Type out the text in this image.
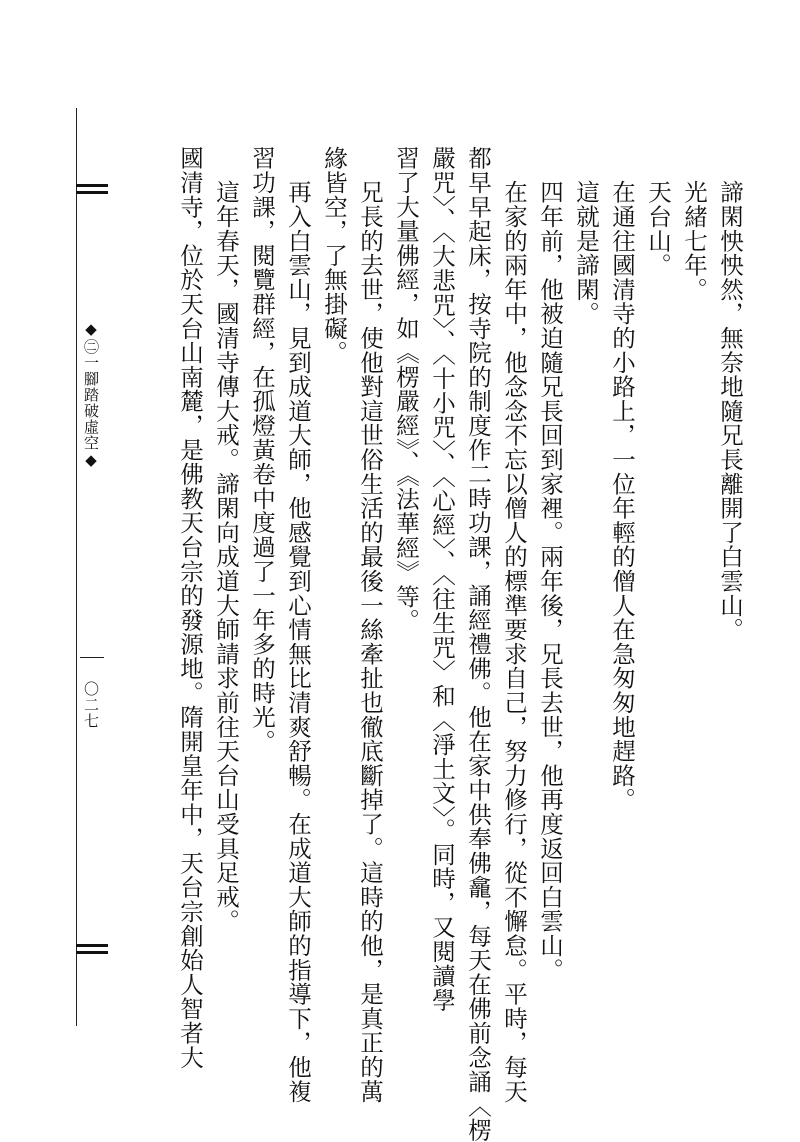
◆㊁一腳踏破虛空◆
〇二七
諦閑怏怏然，無奈地隨兄長離開了白雲山。
光緒七年。
天台山。
在通往國清寺的小路上，一位年輕的僧人在急匆匆地趕路。
這就是諦閑。
四年前，他被迫隨兄長回到家裡。兩年後，兄長去世，他再度返回白雲山。
在家的兩年中，他念念不忘以僧人的標準要求自己，努力修行，從不懈怠。平時，每天
都早早起床，按寺院的制度作二時功課，誦經禮佛。他在家中供奉佛龕，每天在佛前念誦〈楞
嚴咒〉、〈大悲咒〉、〈十小咒〉、〈心經〉、〈往生咒〉和〈淨土文〉。同時，又閱讀學
習了大量佛經，如《楞嚴經》、《法華經》等。
兄長的去世，使他對這世俗生活的最後一絲牽扯也徹底斷掉了。這時的他，是真正的萬
緣皆空，了無掛礙。
再入白雲山，見到成道大師，他感覺到心情無比清爽舒暢。在成道大師的指導下，他複
習功課，閱覽群經，在孤燈黃卷中度過了一年多的時光。
這年春天，國清寺傳大戒。諦閑向成道大師請求前往天台山受具足戒。
國清寺，位於天台山南麓，是佛教天台宗的發源地。隋開皇年中，天台宗創始人智者大
